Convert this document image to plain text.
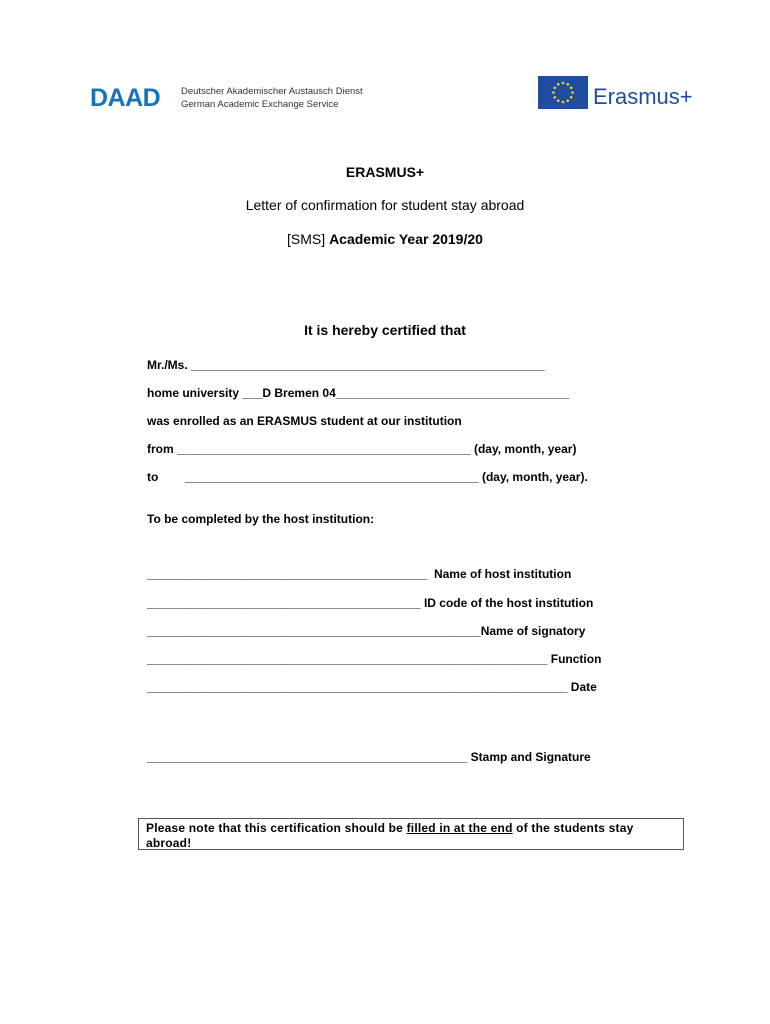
DAAD Deutscher Akademischer Austausch Dienst
German Academic Exchange Service	Erasmus+
ERASMUS+
Letter of confirmation for student stay abroad
[SMS] Academic Year 2019/20
It is hereby certified that
Mr./Ms. _____________________________________________________
home university ___D Bremen 04___________________________________
was enrolled as an ERASMUS student at our institution
from ____________________________________________ (day, month, year)
to        ____________________________________________ (day, month, year).
To be completed by the host institution:
__________________________________________  Name of host institution
_________________________________________ ID code of the host institution
__________________________________________________Name of signatory
____________________________________________________________ Function
_______________________________________________________________ Date
________________________________________________ Stamp and Signature
Please note that this certification should be filled in at the end of the students stay abroad!
